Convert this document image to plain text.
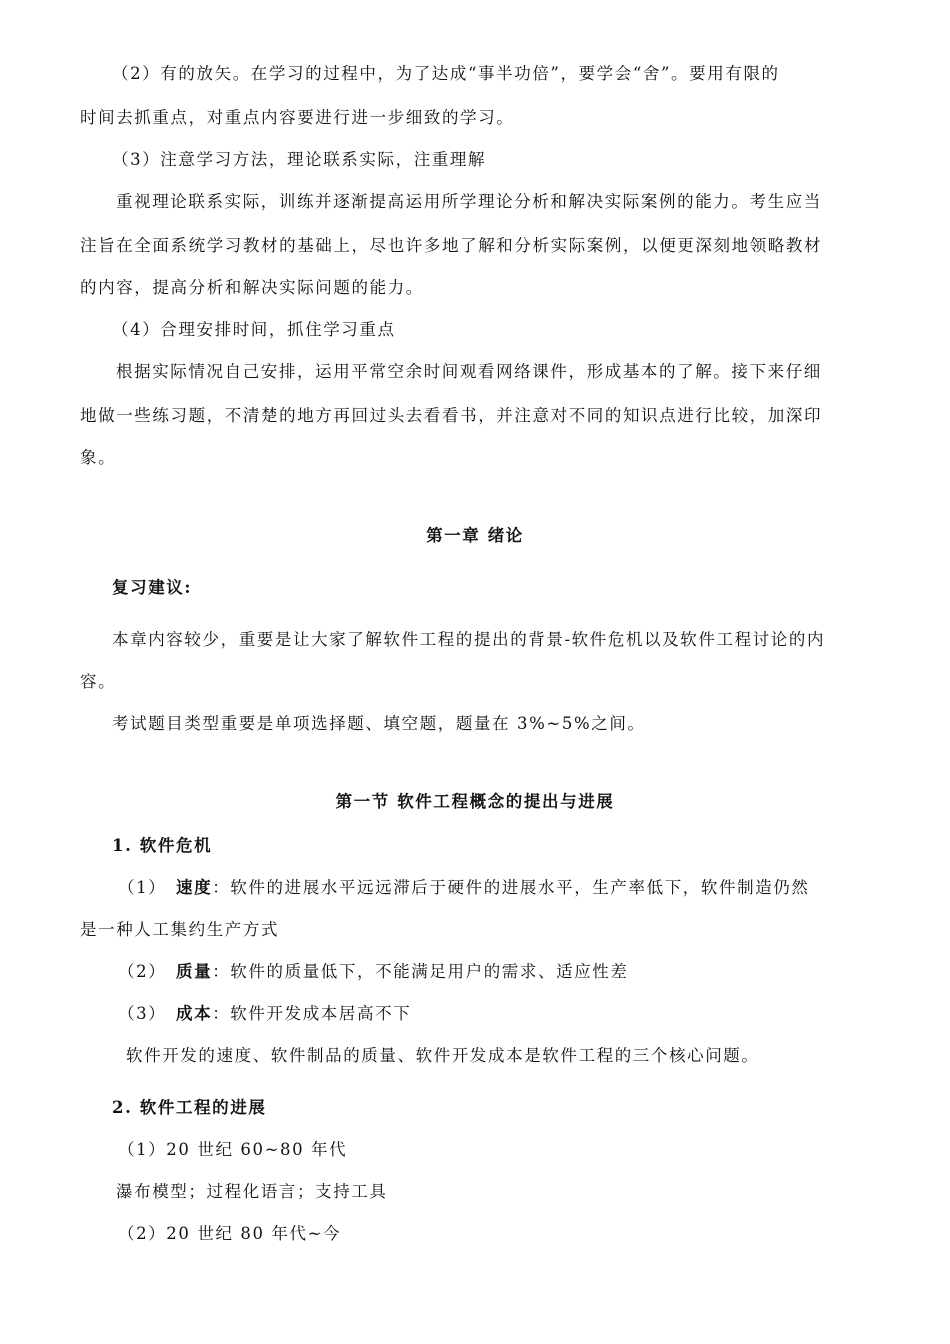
（2）有的放矢。在学习的过程中，为了达成“事半功倍”，要学会“舍”。要用有限的
时间去抓重点，对重点内容要进行进一步细致的学习。
（3）注意学习方法，理论联系实际，注重理解
重视理论联系实际，训练并逐渐提高运用所学理论分析和解决实际案例的能力。考生应当
注旨在全面系统学习教材的基础上，尽也许多地了解和分析实际案例，以便更深刻地领略教材
的内容，提高分析和解决实际问题的能力。
（4）合理安排时间，抓住学习重点
根据实际情况自己安排，运用平常空余时间观看网络课件，形成基本的了解。接下来仔细
地做一些练习题，不清楚的地方再回过头去看看书，并注意对不同的知识点进行比较，加深印
象。
第一章 绪论
复习建议:
本章内容较少，重要是让大家了解软件工程的提出的背景-软件危机以及软件工程讨论的内
容。
考试题目类型重要是单项选择题、填空题，题量在 3%~5%之间。
第一节 软件工程概念的提出与进展
1. 软件危机
（1） 速度：软件的进展水平远远滞后于硬件的进展水平，生产率低下，软件制造仍然
是一种人工集约生产方式
（2） 质量：软件的质量低下，不能满足用户的需求、适应性差
（3） 成本：软件开发成本居高不下
软件开发的速度、软件制品的质量、软件开发成本是软件工程的三个核心问题。
2. 软件工程的进展
（1）20 世纪 60~80 年代
瀑布模型；过程化语言；支持工具
（2）20 世纪 80 年代~今
